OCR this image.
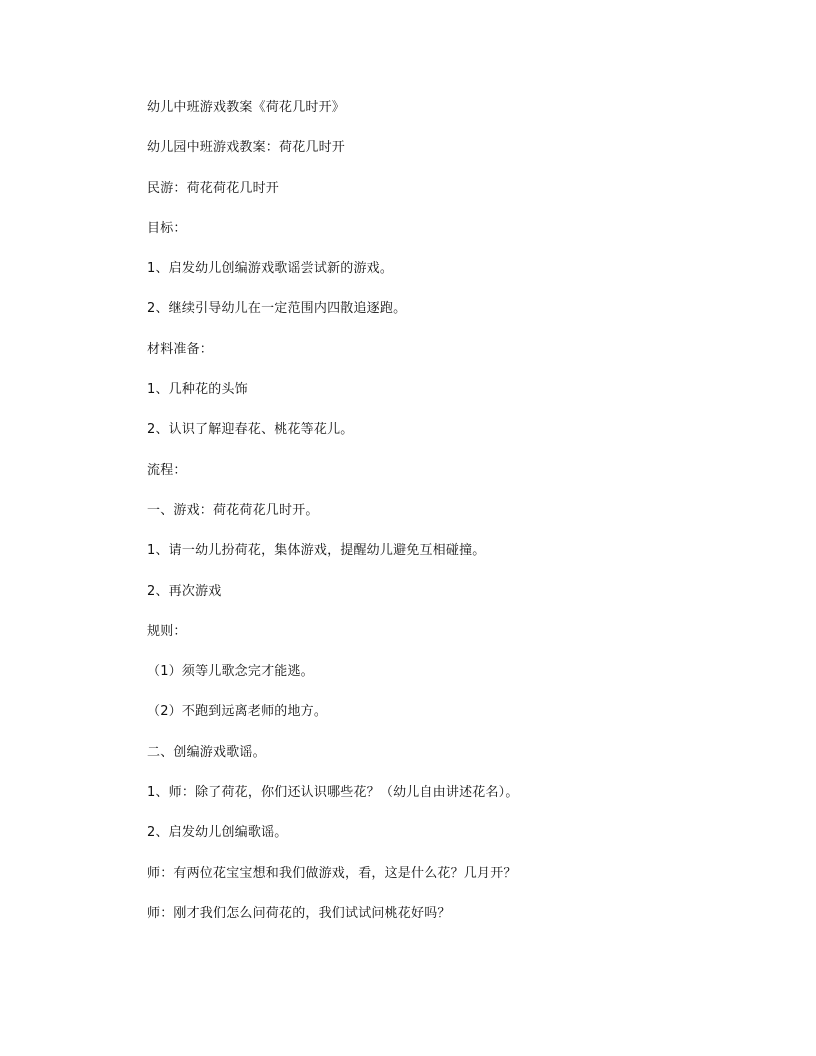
幼儿中班游戏教案《荷花几时开》
幼儿园中班游戏教案：荷花几时开
民游：荷花荷花几时开
目标：
1、启发幼儿创编游戏歌谣尝试新的游戏。
2、继续引导幼儿在一定范围内四散追逐跑。
材料准备：
1、几种花的头饰
2、认识了解迎春花、桃花等花儿。
流程：
一、游戏：荷花荷花几时开。
1、请一幼儿扮荷花，集体游戏，提醒幼儿避免互相碰撞。
2、再次游戏
规则：
（1）须等儿歌念完才能逃。
（2）不跑到远离老师的地方。
二、创编游戏歌谣。
1、师：除了荷花，你们还认识哪些花？（幼儿自由讲述花名）。
2、启发幼儿创编歌谣。
师：有两位花宝宝想和我们做游戏，看，这是什么花？几月开？
师：刚才我们怎么问荷花的，我们试试问桃花好吗？
